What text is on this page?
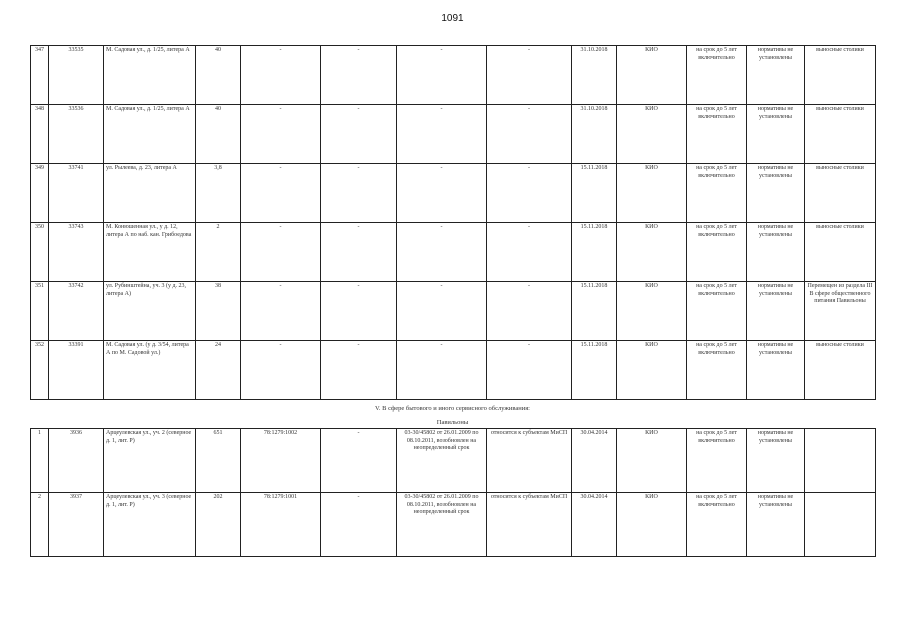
1091
347	33535	М. Садовая ул., д. 1/25, литера А	40	-	-	-	-	31.10.2018	КИО	на срок до 5 лет включительно	нормативы не установлены	выносные столики
348	33536	М. Садовая ул., д. 1/25, литера А	40	-	-	-	-	31.10.2018	КИО	на срок до 5 лет включительно	нормативы не установлены	выносные столики
349	33741	ул. Рылеева, д. 23, литера А	3,8	-	-	-	-	15.11.2018	КИО	на срок до 5 лет включительно	нормативы не установлены	выносные столики
350	33743	М. Конюшенная ул., у д. 12, литера А по наб. кан. Грибоедова	2	-	-	-	-	15.11.2018	КИО	на срок до 5 лет включительно	нормативы не установлены	выносные столики
351	33742	ул. Рубинштейна, уч. 3 (у д. 23, литера А)	38	-	-	-	-	15.11.2018	КИО	на срок до 5 лет включительно	нормативы не установлены	Перемещен из раздела III В сфере общественного питания Павильоны
352	33391	М. Садовая ул. (у д. 3/54, литера А по М. Садовой ул.)	24	-	-	-	-	15.11.2018	КИО	на срок до 5 лет включительно	нормативы не установлены	выносные столики
V. В сфере бытового и иного сервисного обслуживания:
Павильоны
1	3936	Арцеулевская ул., уч. 2 (северное д. 1, лит. Р)	651	78:1279:1002	-	03-30/45802 от 26.01.2009 по 08.10.2011, возобновлен на неопределенный срок	относится к субъектам МиСП	30.04.2014	КИО	на срок до 5 лет включительно	нормативы не установлены	
2	3937	Арцеулевская ул., уч. 3 (северное д. 1, лит. Р)	202	78:1279:1001	-	03-30/45802 от 26.01.2009 по 08.10.2011, возобновлен на неопределенный срок	относится к субъектам МиСП	30.04.2014	КИО	на срок до 5 лет включительно	нормативы не установлены	
